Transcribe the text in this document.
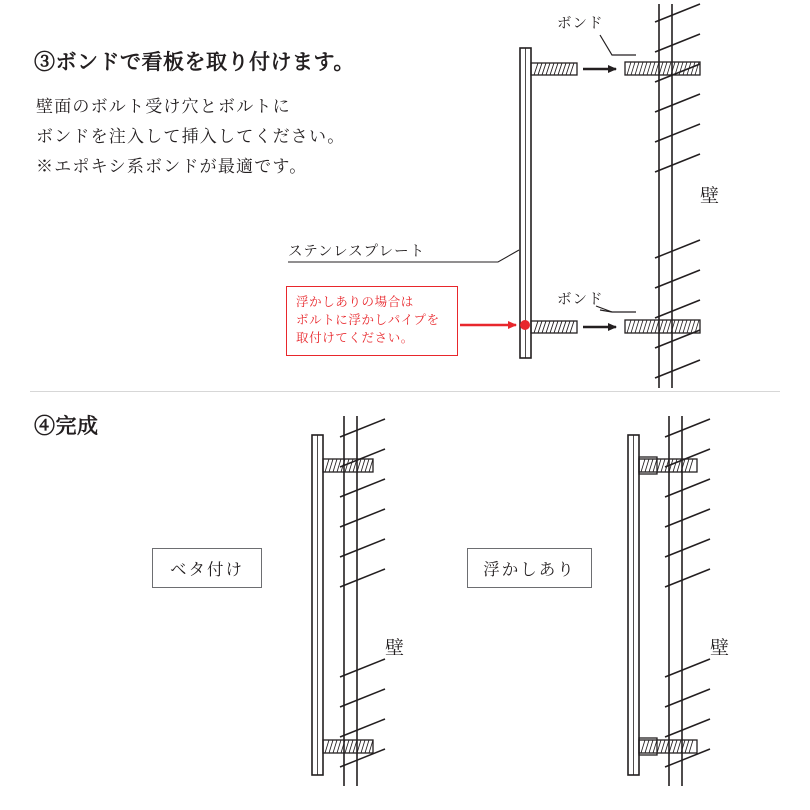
③ボンドで看板を取り付けます。
壁面のボルト受け穴とボルトに
ボンドを注入して挿入してください。
※エポキシ系ボンドが最適です。
ボンド
ボンド
ステンレスプレート
壁
浮かしありの場合は
ボルトに浮かしパイプを
取付けてください。
④完成
ベタ付け	浮かしあり
壁	壁
